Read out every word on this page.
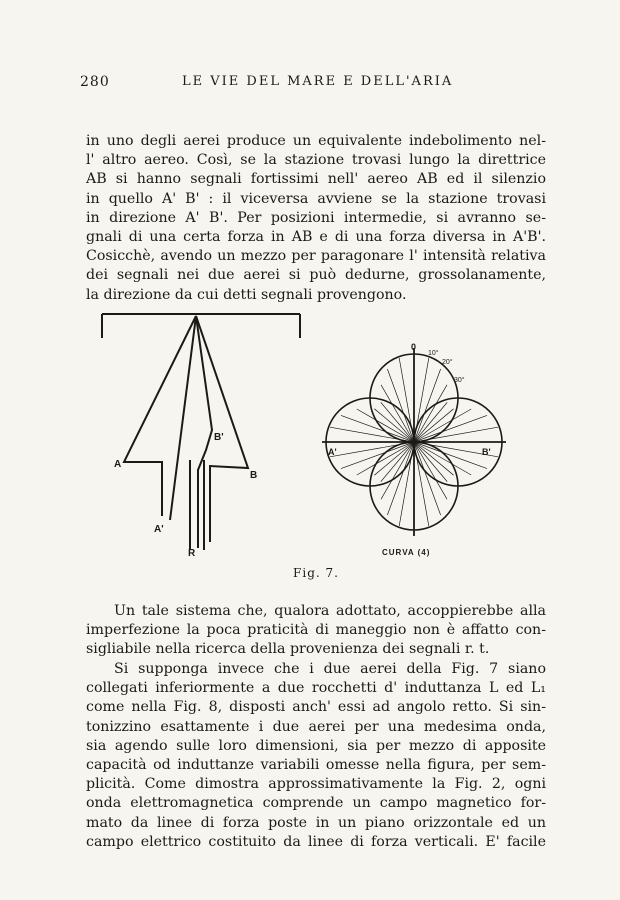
280	LE VIE DEL MARE E DELL'ARIA
in uno degli aerei produce un equivalente indebolimento nel-
l' altro aereo. Così, se la stazione trovasi lungo la direttrice
AB si hanno segnali fortissimi nell' aereo AB ed il silenzio
in quello A' B' : il viceversa avviene se la stazione trovasi
in direzione A' B'. Per posizioni intermedie, si avranno se-
gnali di una certa forza in AB e di una forza diversa in A'B'.
Cosicchè, avendo un mezzo per paragonare l' intensità relativa
dei segnali nei due aerei si può dedurne, grossolanamente,
la direzione da cui detti segnali provengono.
A
B
B'
A'
R
0
10°
20°
30°
A'	B'
CURVA (4)
Fig. 7.
Un tale sistema che, qualora adottato, accoppierebbe alla
imperfezione la poca praticità di maneggio non è affatto con-
sigliabile nella ricerca della provenienza dei segnali r. t.
Si supponga invece che i due aerei della Fig. 7 siano
collegati inferiormente a due rocchetti d' induttanza L ed L₁
come nella Fig. 8, disposti anch' essi ad angolo retto. Si sin-
tonizzino esattamente i due aerei per una medesima onda,
sia agendo sulle loro dimensioni, sia per mezzo di apposite
capacità od induttanze variabili omesse nella figura, per sem-
plicità. Come dimostra approssimativamente la Fig. 2, ogni
onda elettromagnetica comprende un campo magnetico for-
mato da linee di forza poste in un piano orizzontale ed un
campo elettrico costituito da linee di forza verticali. E' facile
